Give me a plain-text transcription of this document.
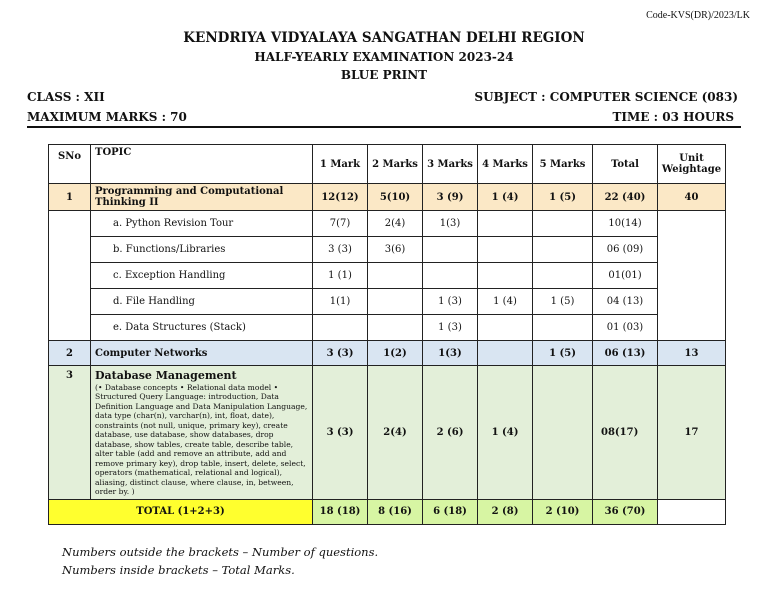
Code-KVS(DR)/2023/LK
KENDRIYA VIDYALAYA SANGATHAN DELHI REGION
HALF-YEARLY EXAMINATION 2023-24
BLUE PRINT
CLASS : XII	SUBJECT : COMPUTER SCIENCE (083)
MAXIMUM MARKS : 70	TIME : 03 HOURS
SNo	TOPIC	1 Mark	2 Marks	3 Marks	4 Marks	5 Marks	Total	Unit
Weightage

1	Programming and Computational
Thinking II	12(12)	5(10)	3 (9)	1 (4)	1 (5)	22 (40)	40
	a. Python Revision Tour	7(7)	2(4)	1(3)			10(14)	
	b. Functions/Libraries	3 (3)	3(6)				06 (09)	
	c. Exception Handling	1 (1)					01(01)	
	d. File Handling	1(1)		1 (3)	1 (4)	1 (5)	04 (13)	
	e. Data Structures (Stack)			1 (3)			01 (03)	
2	Computer Networks	3 (3)	1(2)	1(3)		1 (5)	06 (13)	13
3	Database Management
(• Database concepts • Relational data model • Structured Query Language: introduction, Data Definition Language and Data Manipulation Language, data type (char(n), varchar(n), int, float, date), constraints (not null, unique, primary key), create database, use database, show databases, drop database, show tables, create table, describe table, alter table (add and remove an attribute, add and remove primary key), drop table, insert, delete, select, operators (mathematical, relational and logical), aliasing, distinct clause, where clause, in, between, order by. )	3 (3)	2(4)	2 (6)	1 (4)		08(17)	17
TOTAL (1+2+3)		18 (18)	8 (16)	6 (18)	2 (8)	2 (10)	36 (70)	
Numbers outside the brackets – Number of questions.
Numbers inside brackets – Total Marks.
